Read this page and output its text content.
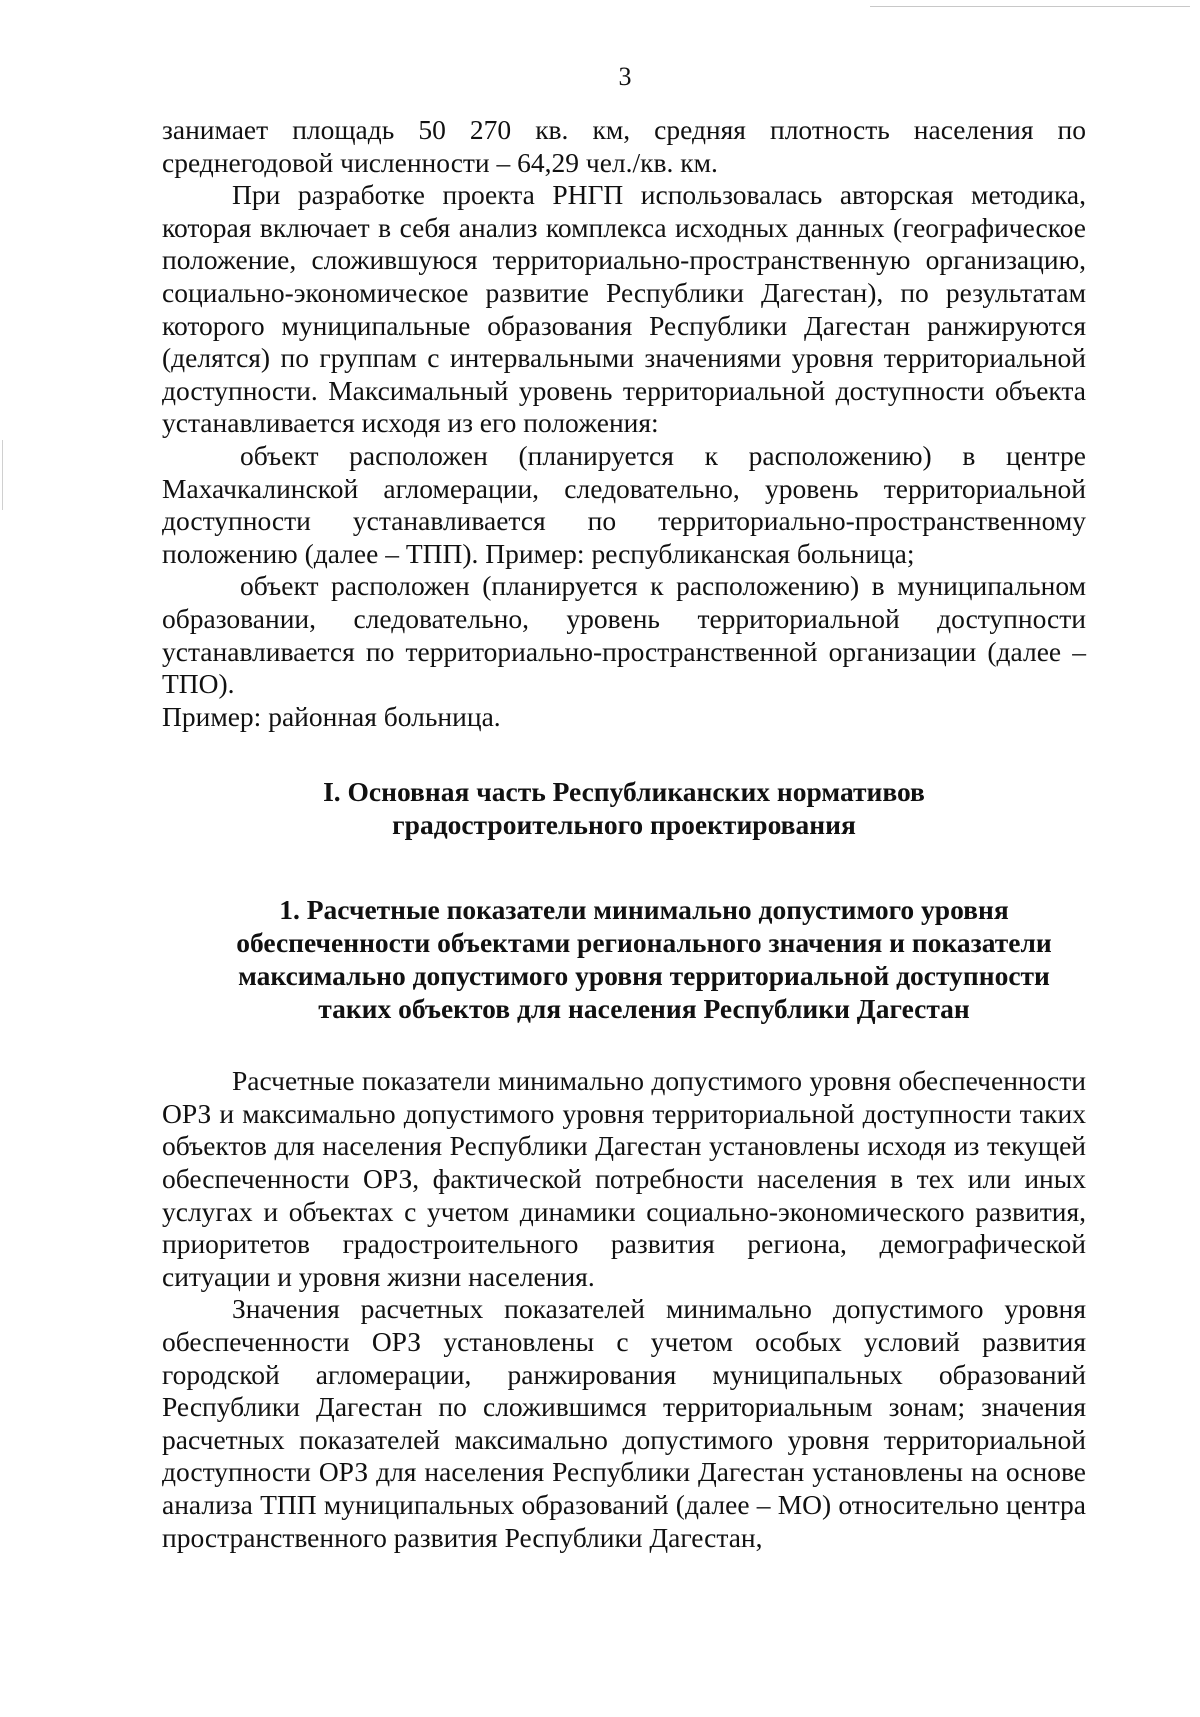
3

занимает площадь 50 270 кв. км, средняя плотность населения по среднегодовой численности – 64,29 чел./кв. км.

При разработке проекта РНГП использовалась авторская методика, которая включает в себя анализ комплекса исходных данных (географическое положение, сложившуюся территориально-пространственную организацию, социально-экономическое развитие Республики Дагестан), по результатам которого муниципальные образования Республики Дагестан ранжируются (делятся) по группам с интервальными значениями уровня территориальной доступности. Максимальный уровень территориальной доступности объекта устанавливается исходя из его положения:

объект расположен (планируется к расположению) в центре Махачкалинской агломерации, следовательно, уровень территориальной доступности устанавливается по территориально-пространственному положению (далее – ТПП). Пример: республиканская больница;

объект расположен (планируется к расположению) в муниципальном образовании, следовательно, уровень территориальной доступности устанавливается по территориально-пространственной организации (далее – ТПО).

Пример: районная больница.

I. Основная часть Республиканских нормативов
градостроительного проектирования
1. Расчетные показатели минимально допустимого уровня
обеспеченности объектами регионального значения и показатели
максимально допустимого уровня территориальной доступности
таких объектов для населения Республики Дагестан

Расчетные показатели минимально допустимого уровня обеспеченности ОРЗ и максимально допустимого уровня территориальной доступности таких объектов для населения Республики Дагестан установлены исходя из текущей обеспеченности ОРЗ, фактической потребности населения в тех или иных услугах и объектах с учетом динамики социально-экономического развития, приоритетов градостроительного развития региона, демографической ситуации и уровня жизни населения.

Значения расчетных показателей минимально допустимого уровня обеспеченности ОРЗ установлены с учетом особых условий развития городской агломерации, ранжирования муниципальных образований Республики Дагестан по сложившимся территориальным зонам; значения расчетных показателей максимально допустимого уровня территориальной доступности ОРЗ для населения Республики Дагестан установлены на основе анализа ТПП муниципальных образований (далее – МО) относительно центра пространственного развития Республики Дагестан,
